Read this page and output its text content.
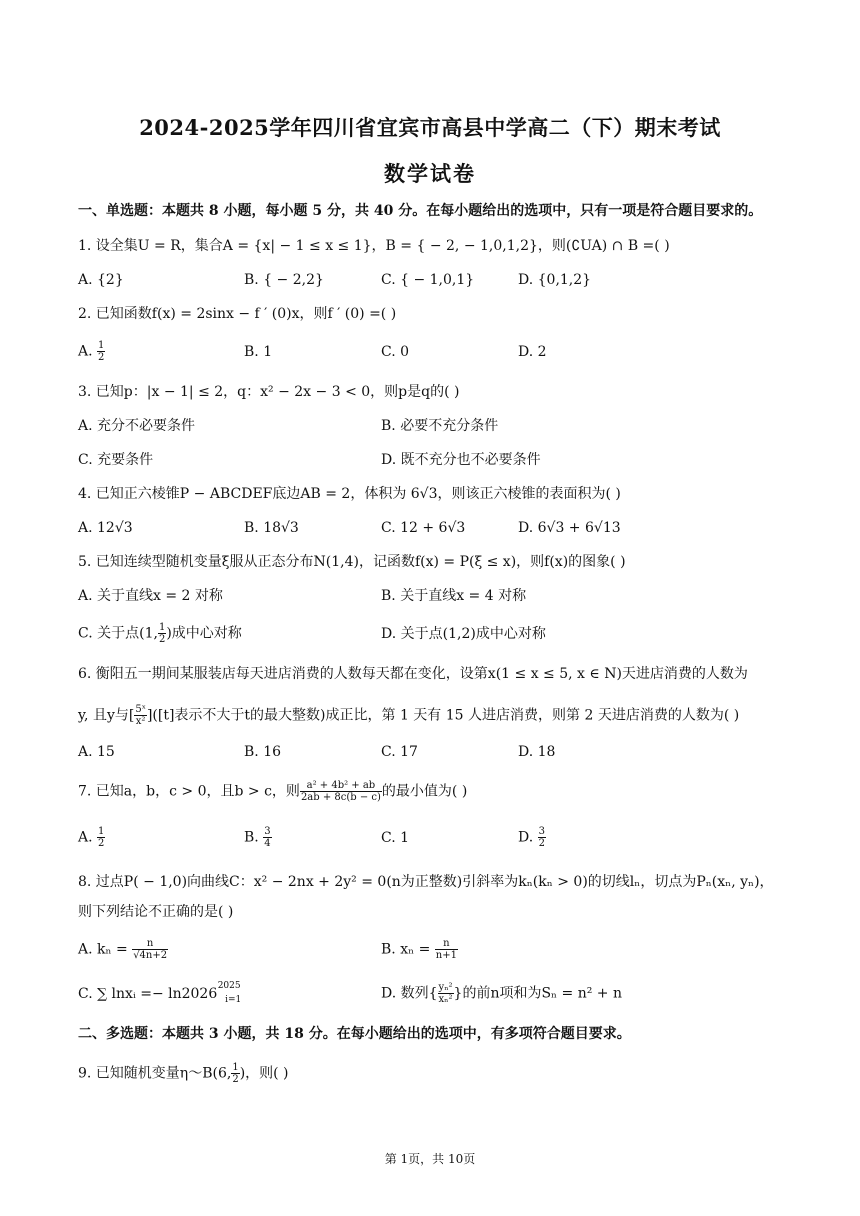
2024-2025学年四川省宜宾市高县中学高二（下）期末考试
数学试卷
一、单选题：本题共 8 小题，每小题 5 分，共 40 分。在每小题给出的选项中，只有一项是符合题目要求的。
1. 设全集U = R，集合A = {x| − 1 ≤ x ≤ 1}，B = { − 2, − 1,0,1,2}，则(∁UA) ∩ B =( )
A. {2}	B. { − 2,2}	C. { − 1,0,1}	D. {0,1,2}
2. 已知函数f(x) = 2sinx − f ′ (0)x，则f ′ (0) =( )
A. $\frac{1}{2}$	B. 1	C. 0	D. 2
3. 已知p：|x − 1| ≤ 2，q：x² − 2x − 3 < 0，则p是q的( )
A. 充分不必要条件	B. 必要不充分条件
C. 充要条件	D. 既不充分也不必要条件
4. 已知正六棱锥P − ABCDEF底边AB = 2，体积为 6√3，则该正六棱锥的表面积为( )
A. 12√3	B. 18√3	C. 12 + 6√3	D. 6√3 + 6√13
5. 已知连续型随机变量ξ服从正态分布N(1,4)，记函数f(x) = P(ξ ≤ x)，则f(x)的图象( )
A. 关于直线x = 2 对称	B. 关于直线x = 4 对称
C. 关于点(1, $\frac{1}{2}$ )成中心对称	D. 关于点(1,2)成中心对称
6. 衡阳五一期间某服装店每天进店消费的人数每天都在变化，设第x(1 ≤ x ≤ 5, x ∈ N)天进店消费的人数为
y, 且y与[ $\frac{\text{5ˣ}}{\text{x²}} ]([t]$表示不大于t的最大整数)成正比，第 1 天有 15 人进店消费，则第 2 天进店消费的人数为( )
A. 15	B. 16	C. 17	D. 18
7. 已知a，b，c > 0，且b > c，则 $\frac{\text{a² + 4b² + ab}}{2ab + 8c(b - c)}$ 的最小值为( )
A. $\frac{1}{2}$	B. $\frac{3}{4}$	C. 1	D. $\frac{3}{2}$
8. 过点P( − 1,0)向曲线C：x² − 2nx + 2y² = 0(n为正整数)引斜率为kₙ(kₙ > 0)的切线lₙ，切点为Pₙ(xₙ, yₙ)，
则下列结论不正确的是( )
A. $k_n = \frac{n}{√4n+2}$	B. $x_n = \frac{n}{n+1}$
C. ∑ lnxᵢ =− ln2026 $^{2025}$ $_{i=1}$	D. 数列{ $\frac{\text{yₙ²}}{\text{xₙ²}}$ }的前n项和为Sₙ = n² + n
二、多选题：本题共 3 小题，共 18 分。在每小题给出的选项中，有多项符合题目要求。
9. 已知随机变量η～B(6, $\frac{1}{2}$ )，则( )
第 1页，共 10页
